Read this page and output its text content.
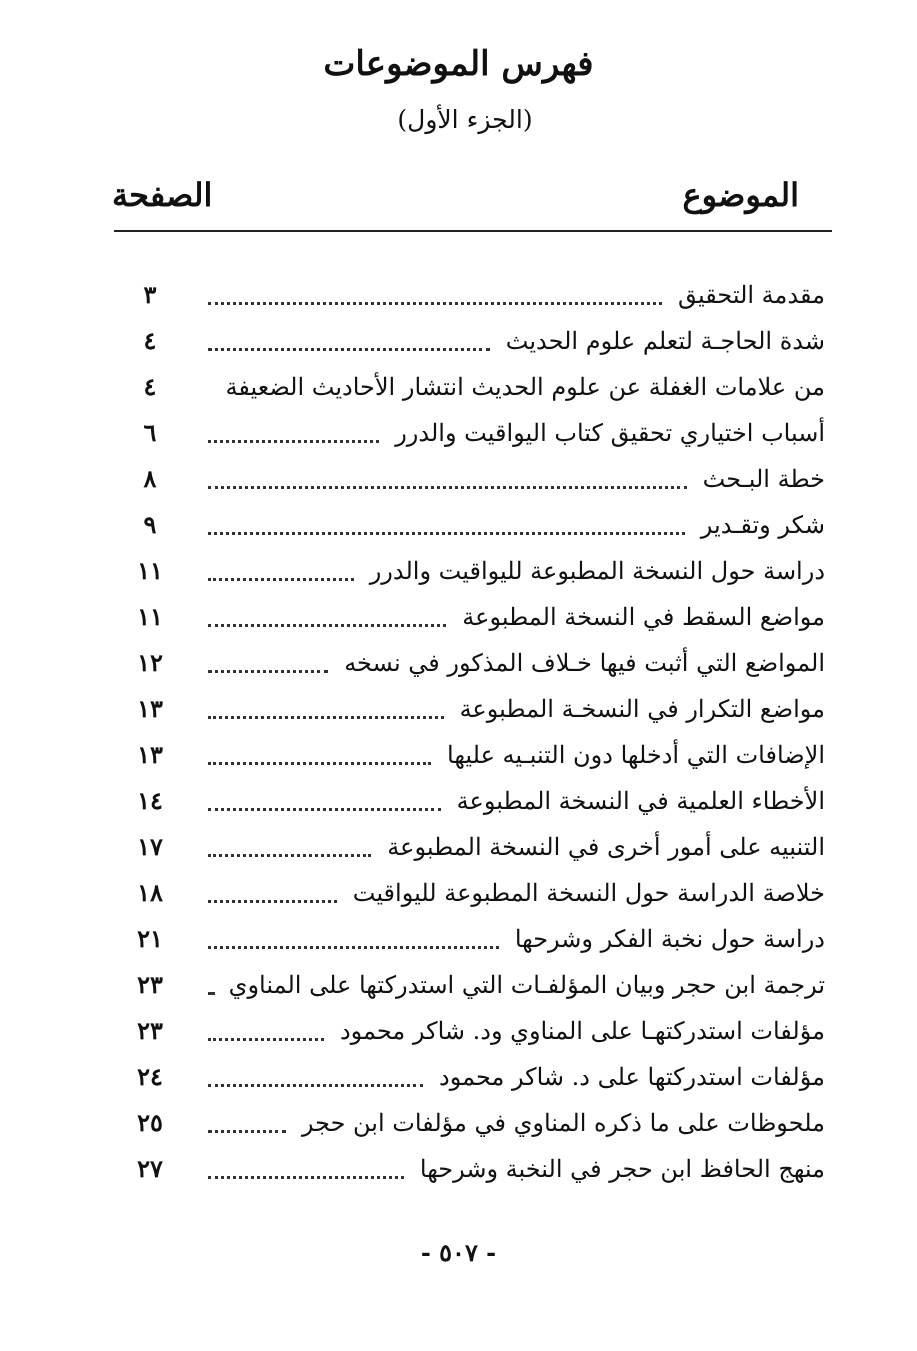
فهرس الموضوعات
(الجزء الأول)
الموضوع
الصفحة
مقدمة التحقيق
٣
شدة الحاجـة لتعلم علوم الحديث
٤
من علامات الغفلة عن علوم الحديث انتشار الأحاديث الضعيفة
٤
أسباب اختياري تحقيق كتاب اليواقيت والدرر
٦
خطة البـحث
٨
شكر وتقـدير
٩
دراسة حول النسخة المطبوعة لليواقيت والدرر
١١
مواضع السقط في النسخة المطبوعة
١١
المواضع التي أثبت فيها خـلاف المذكور في نسخه
١٢
مواضع التكرار في النسخـة المطبوعة
١٣
الإضافات التي أدخلها دون التنبـيه عليها
١٣
الأخطاء العلمية في النسخة المطبوعة
١٤
التنبيه على أمور أخرى في النسخة المطبوعة
١٧
خلاصة الدراسة حول النسخة المطبوعة لليواقيت
١٨
دراسة حول نخبة الفكر وشرحها
٢١
ترجمة ابن حجر وبيان المؤلفـات التي استدركتها على المناوي
٢٣
مؤلفات استدركتهـا على المناوي ود. شاكر محمود
٢٣
مؤلفات استدركتها على د. شاكر محمود
٢٤
ملحوظات على ما ذكره المناوي في مؤلفات ابن حجر
٢٥
منهج الحافظ ابن حجر في النخبة وشرحها
٢٧
- ٥٠٧ -
